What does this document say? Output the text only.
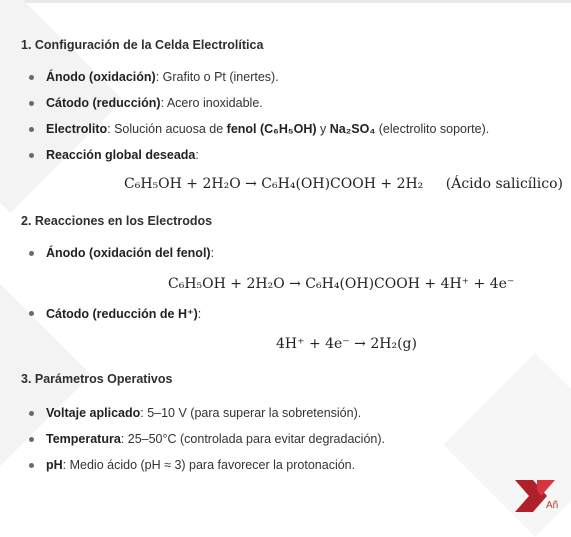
1. Configuración de la Celda Electrolítica
Ánodo (oxidación): Grafito o Pt (inertes).
Cátodo (reducción): Acero inoxidable.
Electrolito: Solución acuosa de fenol (C₆H₅OH) y Na₂SO₄ (electrolito soporte).
Reacción global deseada:
C₆H₅OH + 2H₂O → C₆H₄(OH)COOH + 2H₂ (Ácido salicílico)
2. Reacciones en los Electrodos
Ánodo (oxidación del fenol):
C₆H₅OH + 2H₂O → C₆H₄(OH)COOH + 4H⁺ + 4e⁻
Cátodo (reducción de H⁺):
4H⁺ + 4e⁻ → 2H₂(g)
3. Parámetros Operativos
Voltaje aplicado: 5–10 V (para superar la sobretensión).
Temperatura: 25–50°C (controlada para evitar degradación).
pH: Medio ácido (pH ≈ 3) para favorecer la protonación.
Añ
